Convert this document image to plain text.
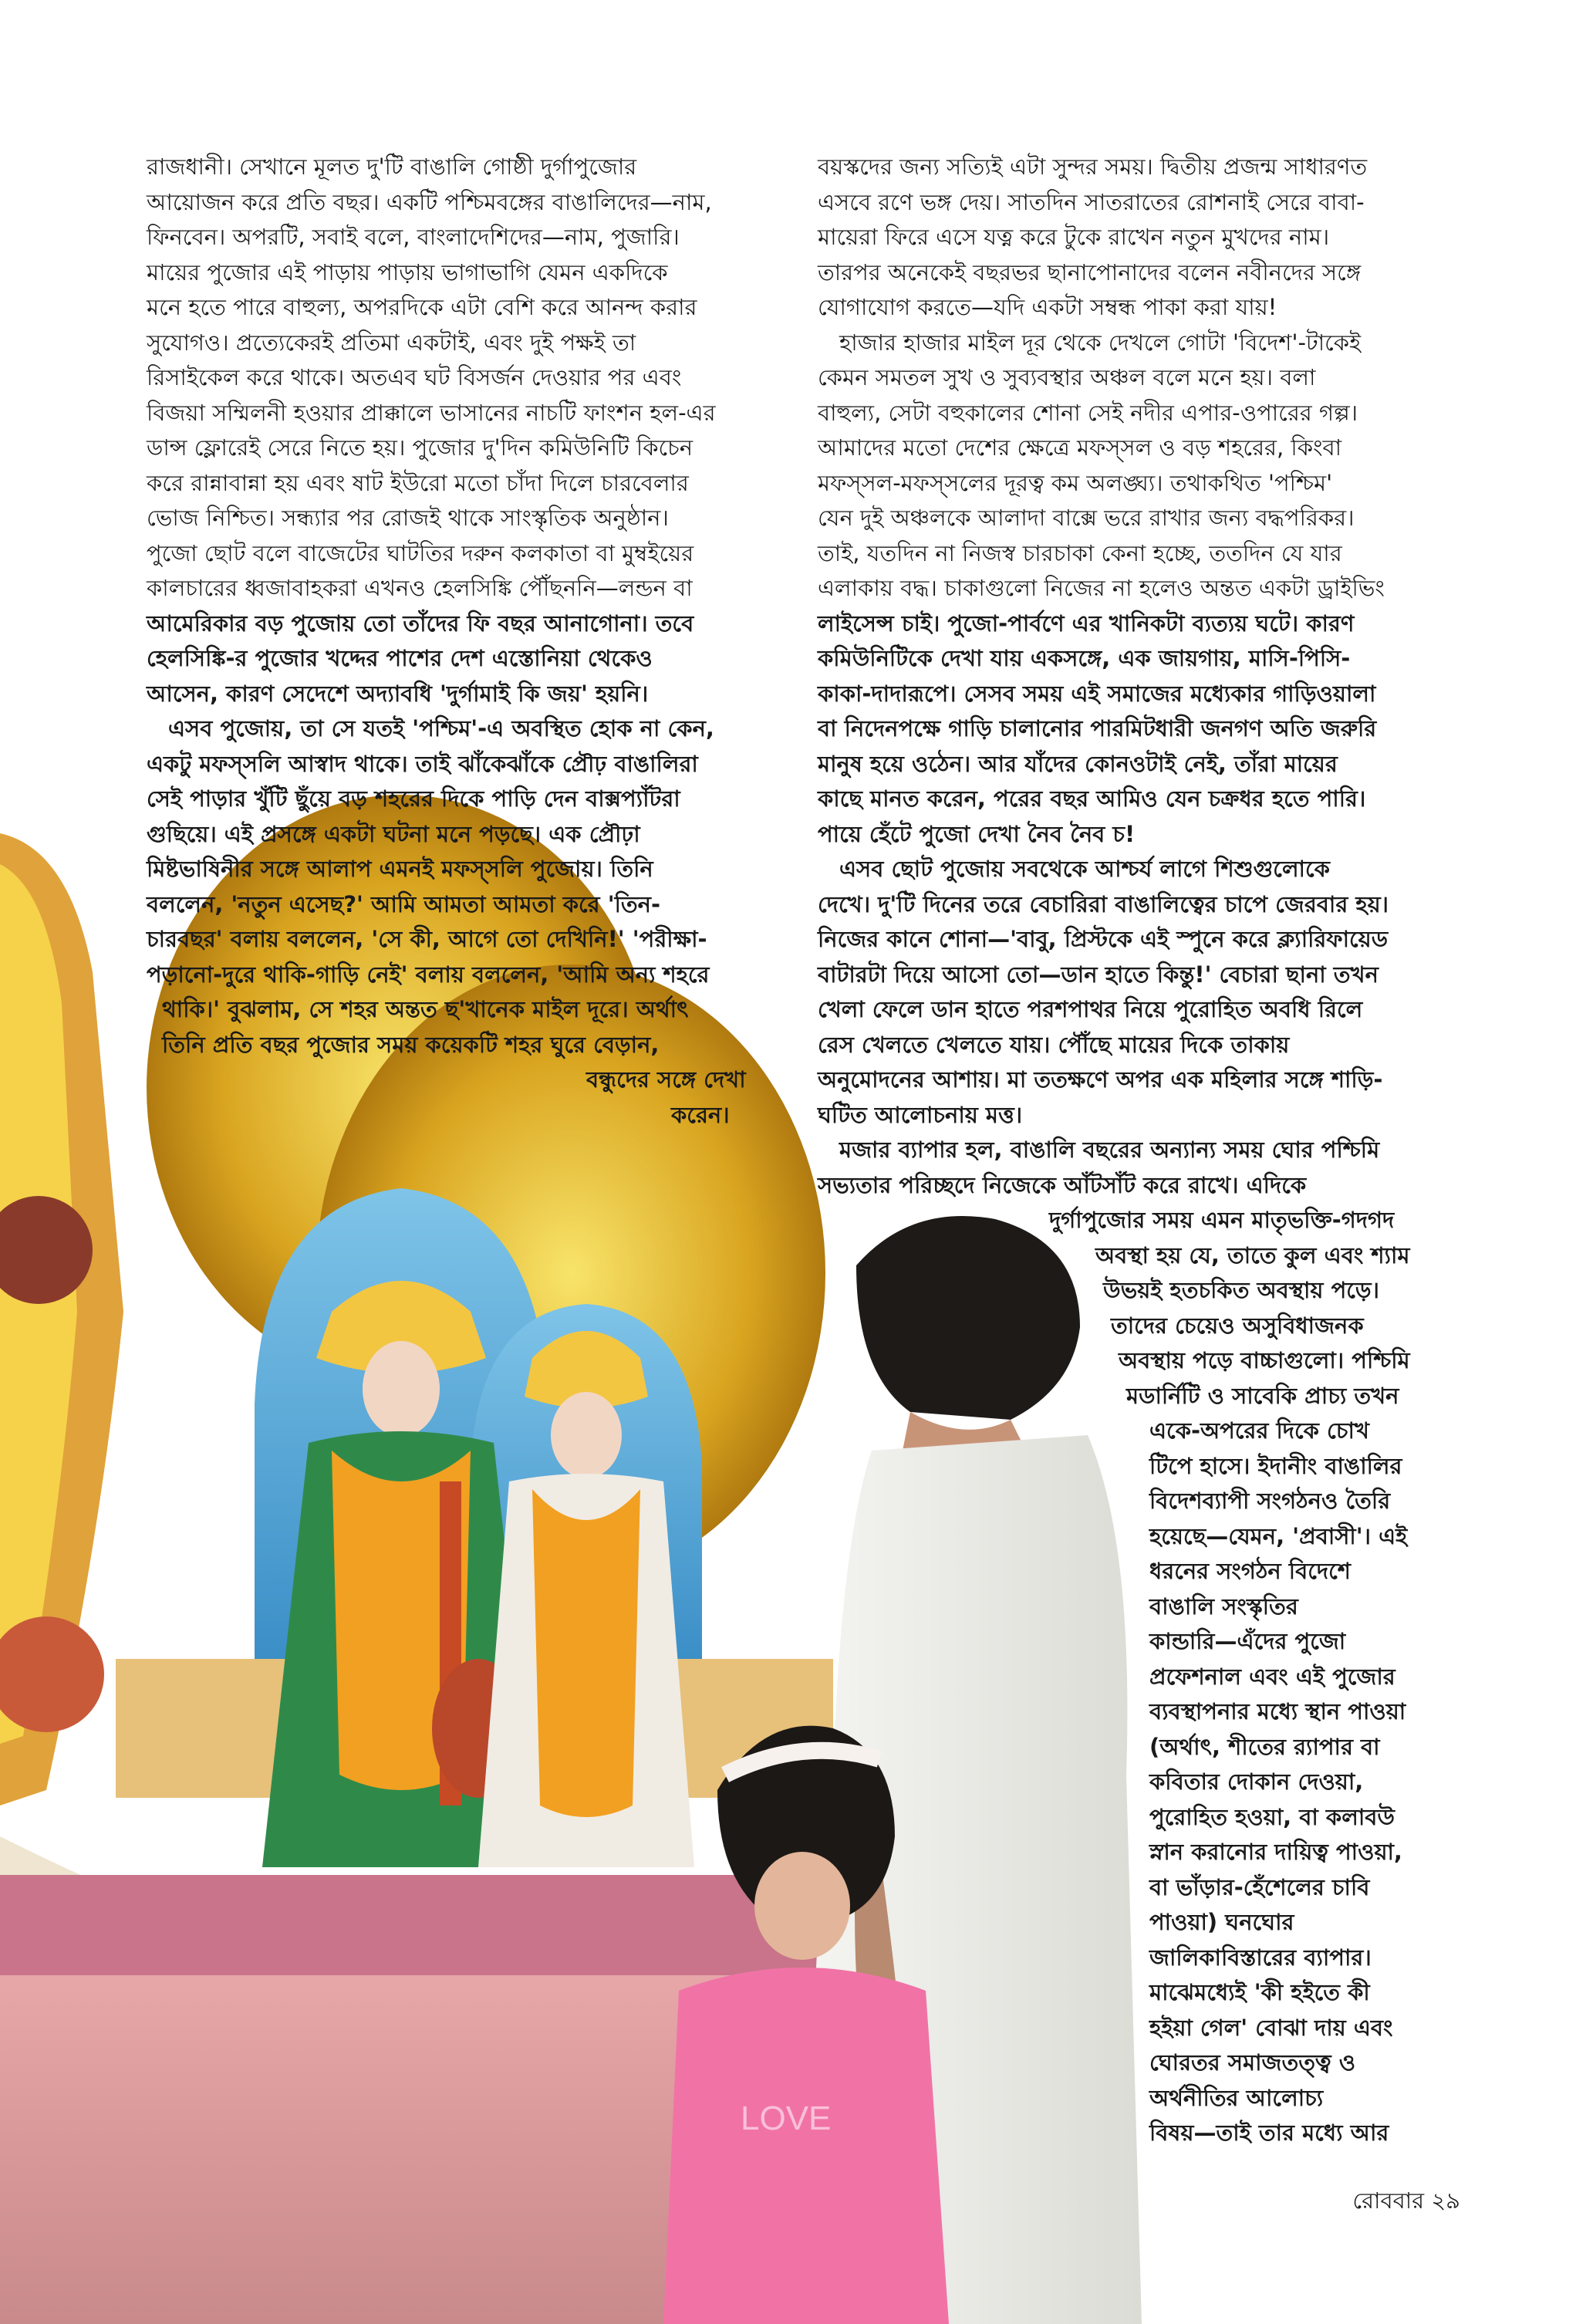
LOVE

রাজধানী। সেখানে মূলত দু'টি বাঙালি গোষ্ঠী দুর্গাপুজোর

আয়োজন করে প্রতি বছর। একটি পশ্চিমবঙ্গের বাঙালিদের—নাম,

ফিনবেন। অপরটি, সবাই বলে, বাংলাদেশিদের—নাম, পুজারি।

মায়ের পুজোর এই পাড়ায় পাড়ায় ভাগাভাগি যেমন একদিকে

মনে হতে পারে বাহুল্য, অপরদিকে এটা বেশি করে আনন্দ করার

সুযোগও। প্রত্যেকেরই প্রতিমা একটাই, এবং দুই পক্ষই তা

রিসাইকেল করে থাকে। অতএব ঘট বিসর্জন দেওয়ার পর এবং

বিজয়া সম্মিলনী হওয়ার প্রাক্কালে ভাসানের নাচটি ফাংশন হল-এর

ডান্স ফ্লোরেই সেরে নিতে হয়। পুজোর দু'দিন কমিউনিটি কিচেন

করে রান্নাবান্না হয় এবং ষাট ইউরো মতো চাঁদা দিলে চারবেলার

ভোজ নিশ্চিত। সন্ধ্যার পর রোজই থাকে সাংস্কৃতিক অনুষ্ঠান।

পুজো ছোট বলে বাজেটের ঘাটতির দরুন কলকাতা বা মুম্বইয়ের

কালচারের ধ্বজাবাহকরা এখনও হেলসিঙ্কি পৌঁছননি—লন্ডন বা

আমেরিকার বড় পুজোয় তো তাঁদের ফি বছর আনাগোনা। তবে

হেলসিঙ্কি-র পুজোর খদ্দের পাশের দেশ এস্তোনিয়া থেকেও

আসেন, কারণ সেদেশে অদ্যাবধি 'দুর্গামাই কি জয়' হয়নি।

এসব পুজোয়, তা সে যতই 'পশ্চিম'-এ অবস্থিত হোক না কেন,

একটু মফস্‌সলি আস্বাদ থাকে। তাই ঝাঁকেঝাঁকে প্রৌঢ় বাঙালিরা

সেই পাড়ার খুঁটি ছুঁয়ে বড় শহরের দিকে পাড়ি দেন বাক্সপ্যাঁটরা

গুছিয়ে। এই প্রসঙ্গে একটা ঘটনা মনে পড়ছে। এক প্রৌঢ়া

মিষ্টভাষিনীর সঙ্গে আলাপ এমনই মফস্‌সলি পুজোয়। তিনি

বললেন, 'নতুন এসেছ?' আমি আমতা আমতা করে 'তিন-

চারবছর' বলায় বললেন, 'সে কী, আগে তো দেখিনি!' 'পরীক্ষা-

পড়ানো-দুরে থাকি-গাড়ি নেই' বলায় বললেন, 'আমি অন্য শহরে

থাকি।' বুঝলাম, সে শহর অন্তত ছ'খানেক মাইল দূরে। অর্থাৎ

তিনি প্রতি বছর পুজোর সময় কয়েকটি শহর ঘুরে বেড়ান,

বন্ধুদের সঙ্গে দেখা

করেন।

বয়স্কদের জন্য সত্যিই এটা সুন্দর সময়। দ্বিতীয় প্রজন্ম সাধারণত

এসবে রণে ভঙ্গ দেয়। সাতদিন সাতরাতের রোশনাই সেরে বাবা-

মায়েরা ফিরে এসে যত্ন করে টুকে রাখেন নতুন মুখদের নাম।

তারপর অনেকেই বছরভর ছানাপোনাদের বলেন নবীনদের সঙ্গে

যোগাযোগ করতে—যদি একটা সম্বন্ধ পাকা করা যায়!

হাজার হাজার মাইল দূর থেকে দেখলে গোটা 'বিদেশ'-টাকেই

কেমন সমতল সুখ ও সুব্যবস্থার অঞ্চল বলে মনে হয়। বলা

বাহুল্য, সেটা বহুকালের শোনা সেই নদীর এপার-ওপারের গল্প।

আমাদের মতো দেশের ক্ষেত্রে মফস্‌সল ও বড় শহরের, কিংবা

মফস্‌সল-মফস্‌সলের দূরত্ব কম অলঙ্ঘ্য। তথাকথিত 'পশ্চিম'

যেন দুই অঞ্চলকে আলাদা বাক্সে ভরে রাখার জন্য বদ্ধপরিকর।

তাই, যতদিন না নিজস্ব চারচাকা কেনা হচ্ছে, ততদিন যে যার

এলাকায় বদ্ধ। চাকাগুলো নিজের না হলেও অন্তত একটা ড্রাইভিং

লাইসেন্স চাই। পুজো-পার্বণে এর খানিকটা ব্যত্যয় ঘটে। কারণ

কমিউনিটিকে দেখা যায় একসঙ্গে, এক জায়গায়, মাসি-পিসি-

কাকা-দাদারূপে। সেসব সময় এই সমাজের মধ্যেকার গাড়িওয়ালা

বা নিদেনপক্ষে গাড়ি চালানোর পারমিটধারী জনগণ অতি জরুরি

মানুষ হয়ে ওঠেন। আর যাঁদের কোনওটাই নেই, তাঁরা মায়ের

কাছে মানত করেন, পরের বছর আমিও যেন চক্রধর হতে পারি।

পায়ে হেঁটে পুজো দেখা নৈব নৈব চ!

এসব ছোট পুজোয় সবথেকে আশ্চর্য লাগে শিশুগুলোকে

দেখে। দু'টি দিনের তরে বেচারিরা বাঙালিত্বের চাপে জেরবার হয়।

নিজের কানে শোনা—'বাবু, প্রিস্টকে এই স্পুনে করে ক্ল্যারিফায়েড

বাটারটা দিয়ে আসো তো—ডান হাতে কিন্তু!' বেচারা ছানা তখন

খেলা ফেলে ডান হাতে পরশপাথর নিয়ে পুরোহিত অবধি রিলে

রেস খেলতে খেলতে যায়। পৌঁছে মায়ের দিকে তাকায়

অনুমোদনের আশায়। মা ততক্ষণে অপর এক মহিলার সঙ্গে শাড়ি-

ঘটিত আলোচনায় মত্ত।

মজার ব্যাপার হল, বাঙালি বছরের অন্যান্য সময় ঘোর পশ্চিমি

সভ্যতার পরিচ্ছদে নিজেকে আঁটসাঁট করে রাখে। এদিকে

দুর্গাপুজোর সময় এমন মাতৃভক্তি-গদগদ

অবস্থা হয় যে, তাতে কুল এবং শ্যাম

উভয়ই হতচকিত অবস্থায় পড়ে।

তাদের চেয়েও অসুবিধাজনক

অবস্থায় পড়ে বাচ্চাগুলো। পশ্চিমি

মডার্নিটি ও সাবেকি প্রাচ্য তখন

একে-অপরের দিকে চোখ

টিপে হাসে। ইদানীং বাঙালির

বিদেশব্যাপী সংগঠনও তৈরি

হয়েছে—যেমন, 'প্রবাসী'। এই

ধরনের সংগঠন বিদেশে

বাঙালি সংস্কৃতির

কান্ডারি—এঁদের পুজো

প্রফেশনাল এবং এই পুজোর

ব্যবস্থাপনার মধ্যে স্থান পাওয়া

(অর্থাৎ, শীতের র‍্যাপার বা

কবিতার দোকান দেওয়া,

পুরোহিত হওয়া, বা কলাবউ

স্নান করানোর দায়িত্ব পাওয়া,

বা ভাঁড়ার-হেঁশেলের চাবি

পাওয়া) ঘনঘোর

জালিকাবিস্তারের ব্যাপার।

মাঝেমধ্যেই 'কী হইতে কী

হইয়া গেল' বোঝা দায় এবং

ঘোরতর সমাজতত্ত্ব ও

অর্থনীতির আলোচ্য

বিষয়—তাই তার মধ্যে আর

রোববার ২৯
